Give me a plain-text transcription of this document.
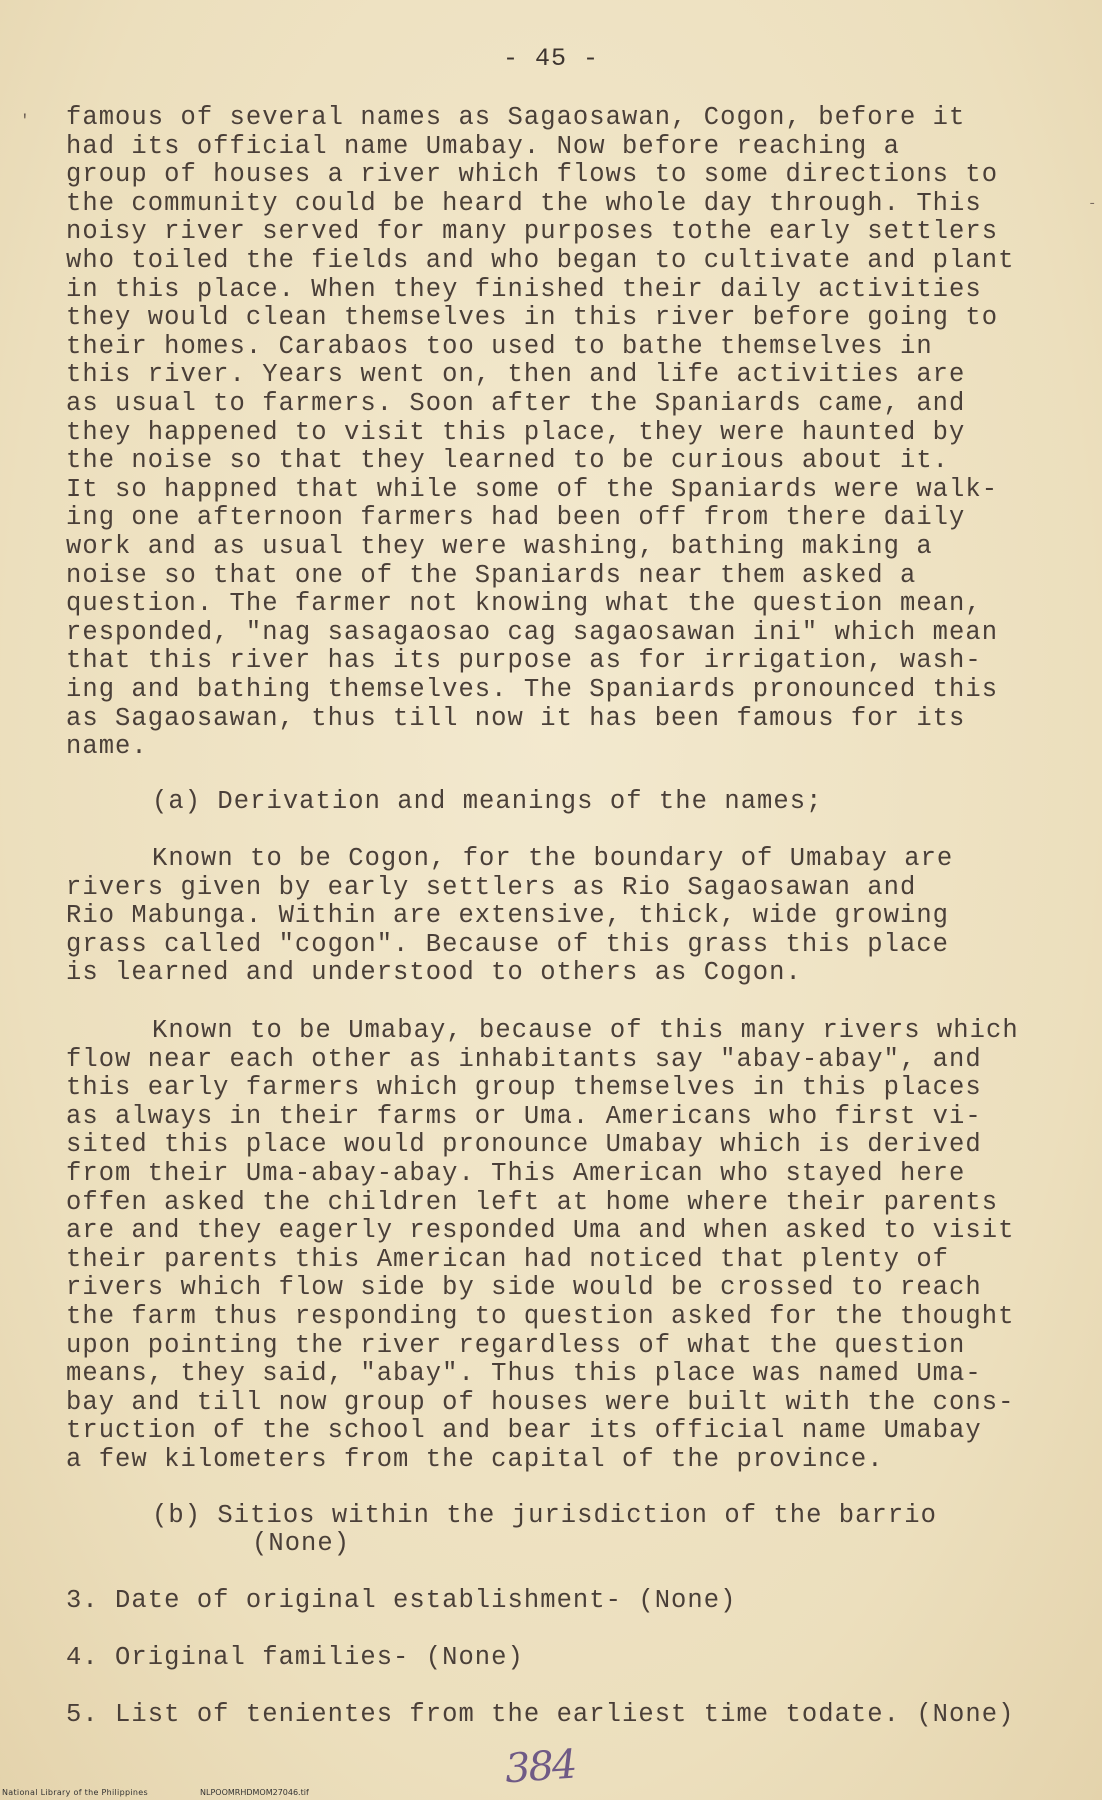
- 45 -
'
-
famous of several names as Sagaosawan, Cogon, before it
had its official name Umabay. Now before reaching a
group of houses a river which flows to some directions to
the community could be heard the whole day through. This
noisy river served for many purposes tothe early settlers
who toiled the fields and who began to cultivate and plant
in this place. When they finished their daily activities
they would clean themselves in this river before going to
their homes. Carabaos too used to bathe themselves in
this river. Years went on, then and life activities are
as usual to farmers. Soon after the Spaniards came, and
they happened to visit this place, they were haunted by
the noise so that they learned to be curious about it.
It so happned that while some of the Spaniards were walk-
ing one afternoon farmers had been off from there daily
work and as usual they were washing, bathing making a
noise so that one of the Spaniards near them asked a
question. The farmer not knowing what the question mean,
responded, "nag sasagaosao cag sagaosawan ini" which mean
that this river has its purpose as for irrigation, wash-
ing and bathing themselves. The Spaniards pronounced this
as Sagaosawan, thus till now it has been famous for its
name.
(a) Derivation and meanings of the names;
Known to be Cogon, for the boundary of Umabay are
rivers given by early settlers as Rio Sagaosawan and
Rio Mabunga. Within are extensive, thick, wide growing
grass called "cogon". Because of this grass this place
is learned and understood to others as Cogon.
Known to be Umabay, because of this many rivers which
flow near each other as inhabitants say "abay-abay", and
this early farmers which group themselves in this places
as always in their farms or Uma. Americans who first vi-
sited this place would pronounce Umabay which is derived
from their Uma-abay-abay. This American who stayed here
offen asked the children left at home where their parents
are and they eagerly responded Uma and when asked to visit
their parents this American had noticed that plenty of
rivers which flow side by side would be crossed to reach
the farm thus responding to question asked for the thought
upon pointing the river regardless of what the question
means, they said, "abay". Thus this place was named Uma-
bay and till now group of houses were built with the cons-
truction of the school and bear its official name Umabay
a few kilometers from the capital of the province.
(b) Sitios within the jurisdiction of the barrio
(None)
3. Date of original establishment- (None)
4. Original families- (None)
5. List of tenientes from the earliest time todate. (None)
384
National Library of the Philippines	NLPOOMRHDMOM27046.tif
